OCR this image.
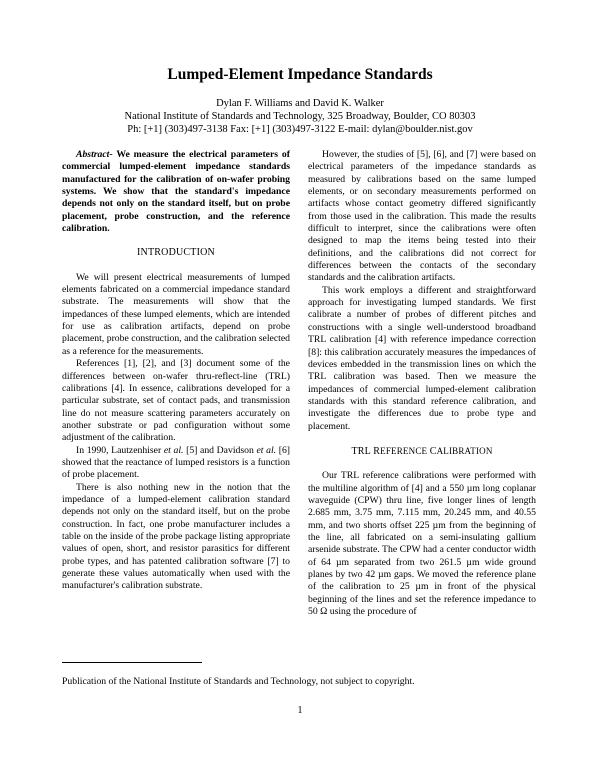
Lumped-Element Impedance Standards
Dylan F. Williams and David K. Walker
National Institute of Standards and Technology, 325 Broadway, Boulder, CO 80303
Ph: [+1] (303)497-3138 Fax: [+1] (303)497-3122 E-mail: dylan@boulder.nist.gov

Abstract- We measure the electrical parameters of commercial lumped-element impedance standards manufactured for the calibration of on-wafer probing systems. We show that the standard's impedance depends not only on the standard itself, but on probe placement, probe construction, and the reference calibration.

INTRODUCTION

We will present electrical measurements of lumped elements fabricated on a commercial impedance standard substrate. The measurements will show that the impedances of these lumped elements, which are intended for use as calibration artifacts, depend on probe placement, probe construction, and the calibration selected as a reference for the measurements.

References [1], [2], and [3] document some of the differences between on-wafer thru-reflect-line (TRL) calibrations [4]. In essence, calibrations developed for a particular substrate, set of contact pads, and transmission line do not measure scattering parameters accurately on another substrate or pad configuration without some adjustment of the calibration.

In 1990, Lautzenhiser et al. [5] and Davidson et al. [6] showed that the reactance of lumped resistors is a function of probe placement.

There is also nothing new in the notion that the impedance of a lumped-element calibration standard depends not only on the standard itself, but on the probe construction. In fact, one probe manufacturer includes a table on the inside of the probe package listing appropriate values of open, short, and resistor parasitics for different probe types, and has patented calibration software [7] to generate these values automatically when used with the manufacturer's calibration substrate.

However, the studies of [5], [6], and [7] were based on electrical parameters of the impedance standards as measured by calibrations based on the same lumped elements, or on secondary measurements performed on artifacts whose contact geometry differed significantly from those used in the calibration. This made the results difficult to interpret, since the calibrations were often designed to map the items being tested into their definitions, and the calibrations did not correct for differences between the contacts of the secondary standards and the calibration artifacts.

This work employs a different and straightforward approach for investigating lumped standards. We first calibrate a number of probes of different pitches and constructions with a single well-understood broadband TRL calibration [4] with reference impedance correction [8]: this calibration accurately measures the impedances of devices embedded in the transmission lines on which the TRL calibration was based. Then we measure the impedances of commercial lumped-element calibration standards with this standard reference calibration, and investigate the differences due to probe type and placement.

TRL REFERENCE CALIBRATION

Our TRL reference calibrations were performed with the multiline algorithm of [4] and a 550 µm long coplanar waveguide (CPW) thru line, five longer lines of length 2.685 mm, 3.75 mm, 7.115 mm, 20.245 mm, and 40.55 mm, and two shorts offset 225 µm from the beginning of the line, all fabricated on a semi-insulating gallium arsenide substrate. The CPW had a center conductor width of 64 µm separated from two 261.5 µm wide ground planes by two 42 µm gaps. We moved the reference plane of the calibration to 25 µm in front of the physical beginning of the lines and set the reference impedance to 50 Ω using the procedure of

Publication of the National Institute of Standards and Technology, not subject to copyright.
1
